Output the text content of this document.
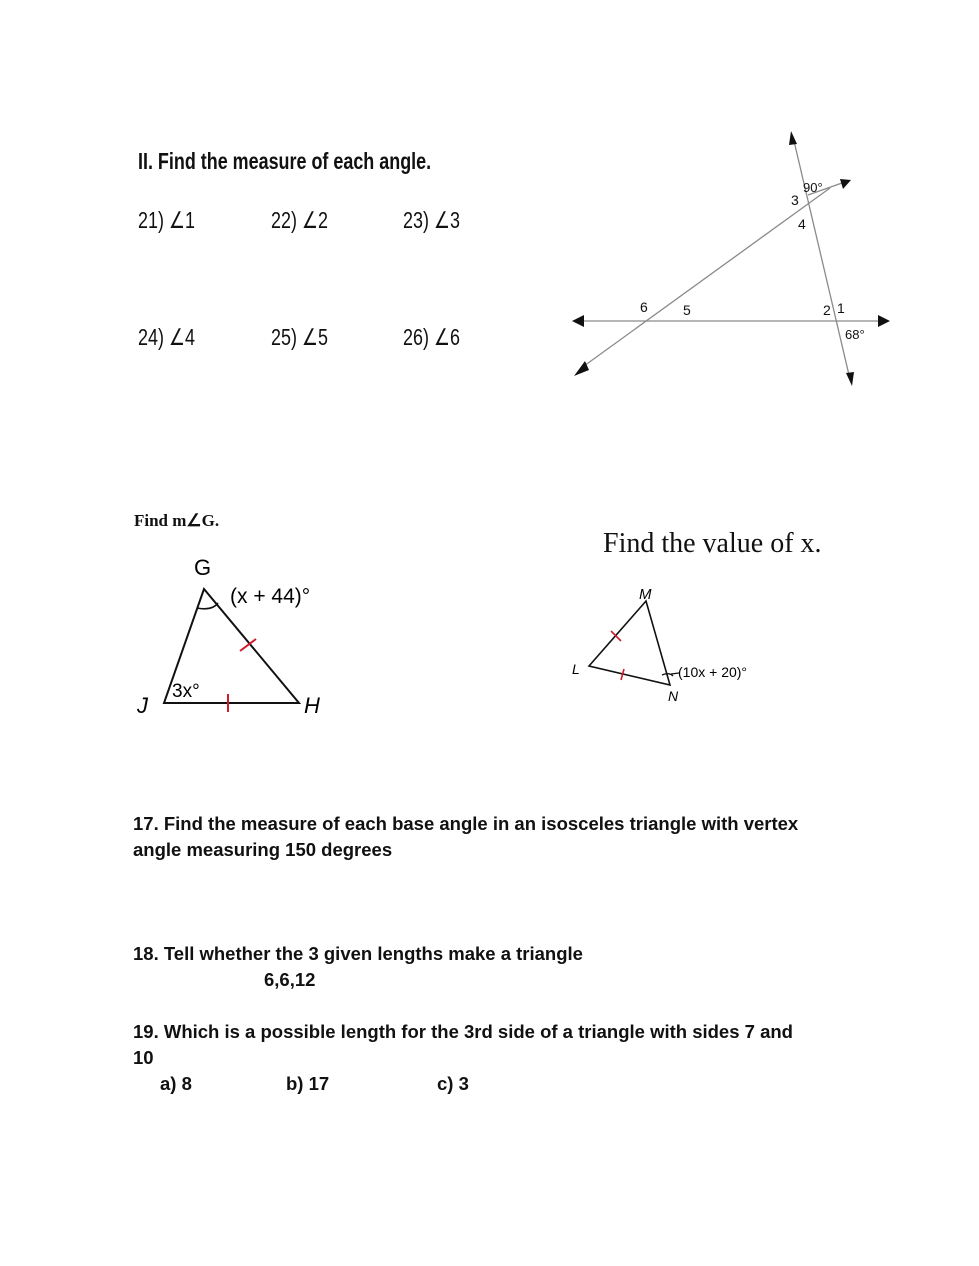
II. Find the measure of each angle.
21) ∠1	22) ∠2	23) ∠3
24) ∠4	25) ∠5	26) ∠6
3
90°
4
6	5	2 1
68°
Find m∠G.
G
J	H
(x + 44)°
3x°
Find the value of x.
M
L
N
(10x + 20)°
17. Find the measure of each base angle in an isosceles triangle with vertex
angle measuring 150 degrees
18. Tell whether the 3 given lengths make a triangle
6,6,12
19. Which is a possible length for the 3rd side of a triangle with sides 7 and
10
a) 8	b) 17	c) 3
